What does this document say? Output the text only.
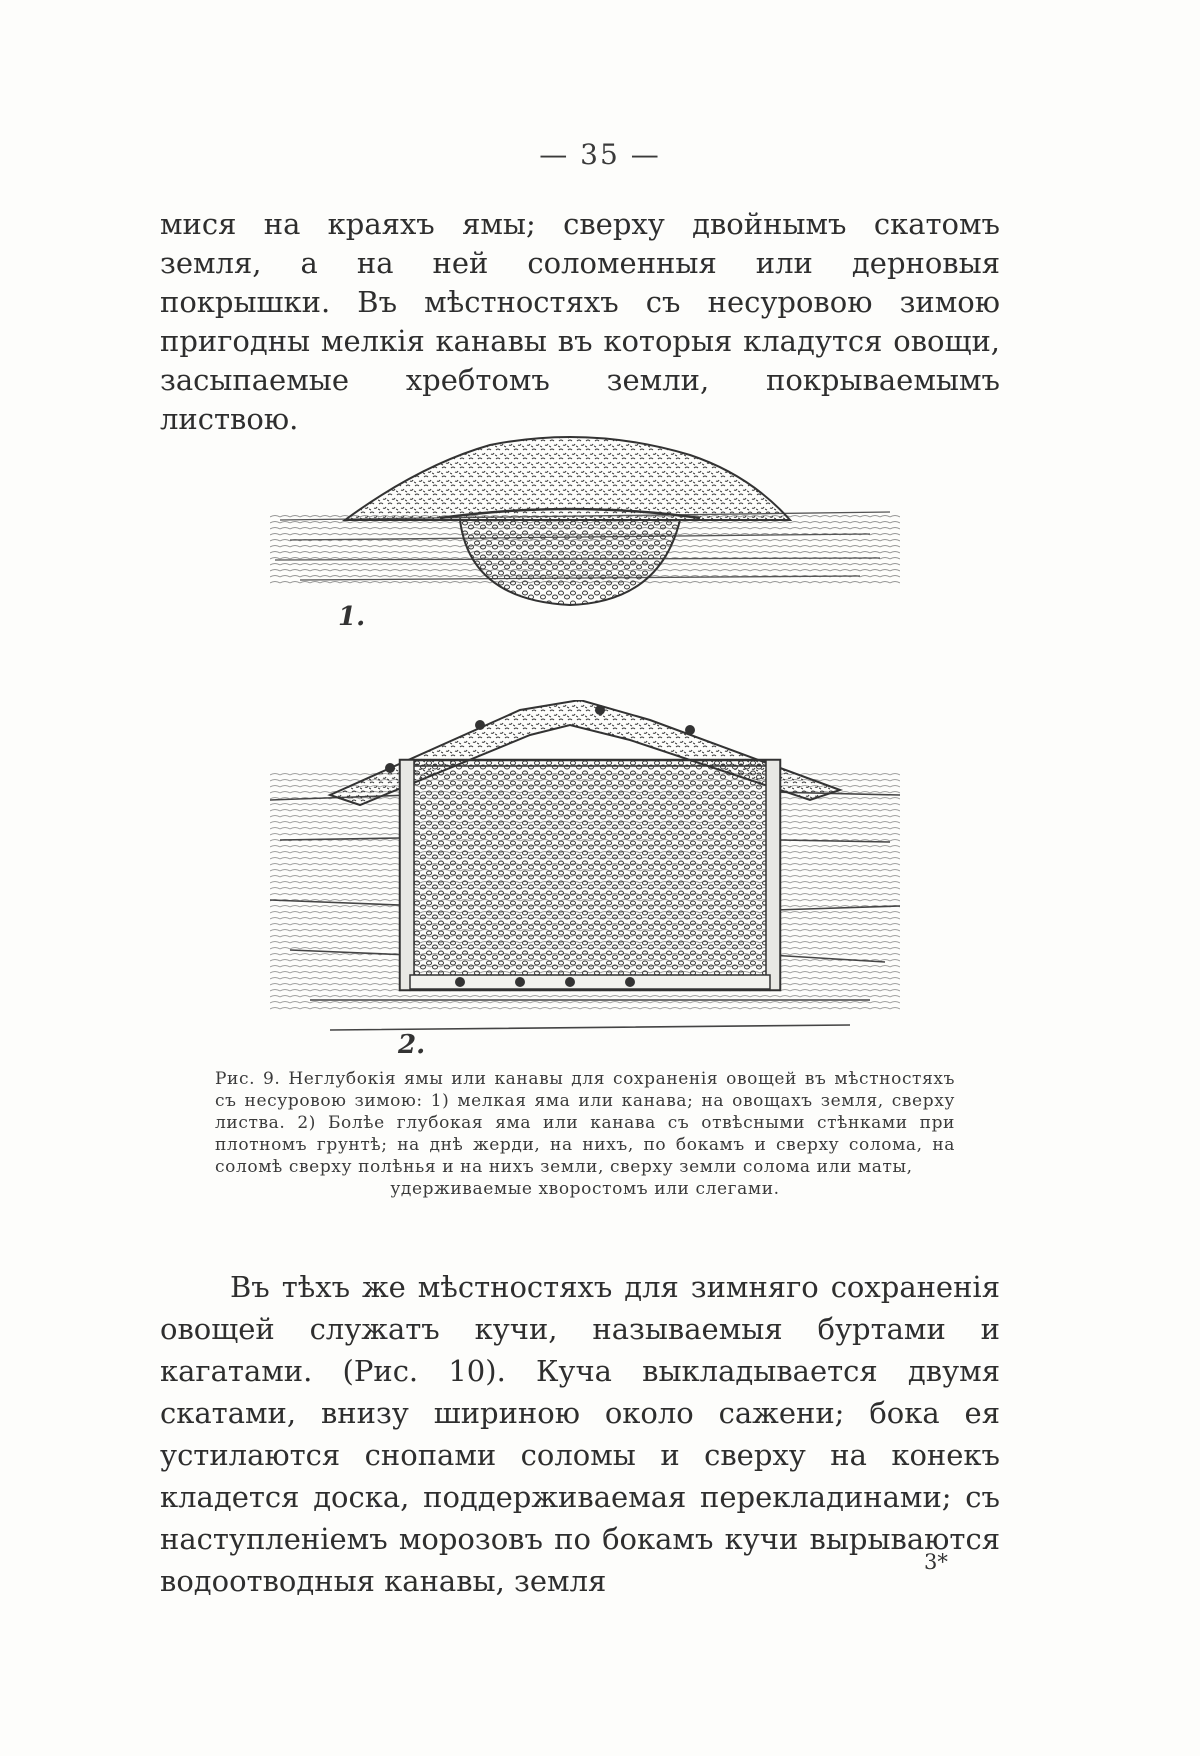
— 35 —

мися на краяхъ ямы; сверху двойнымъ скатомъ земля, а на ней соломенныя или дерновыя покрышки. Въ мѣстностяхъ съ несуровою зимою пригодны мелкія канавы въ которыя кладутся овощи, засыпаемые хребтомъ земли, покрываемымъ листвою.

1.
2.

Рис. 9. Неглубокія ямы или канавы для сохраненія овощей въ мѣстностяхъ съ несуровою зимою: 1) мелкая яма или канава; на овощахъ земля, сверху листва. 2) Болѣе глубокая яма или канава съ отвѣсными стѣнками при плотномъ грунтѣ; на днѣ жерди, на нихъ, по бокамъ и сверху солома, на соломѣ сверху полѣнья и на нихъ земли, сверху земли солома или маты,
удерживаемые хворостомъ или слегами.

Въ тѣхъ же мѣстностяхъ для зимняго сохраненія овощей служатъ кучи, называемыя буртами и кагатами. (Рис. 10). Куча выкладывается двумя скатами, внизу шириною около сажени; бока ея устилаются снопами соломы и сверху на конекъ кладется доска, поддерживаемая перекладинами; съ наступленіемъ морозовъ по бокамъ кучи вырываются водоотводныя канавы, земля

3*
